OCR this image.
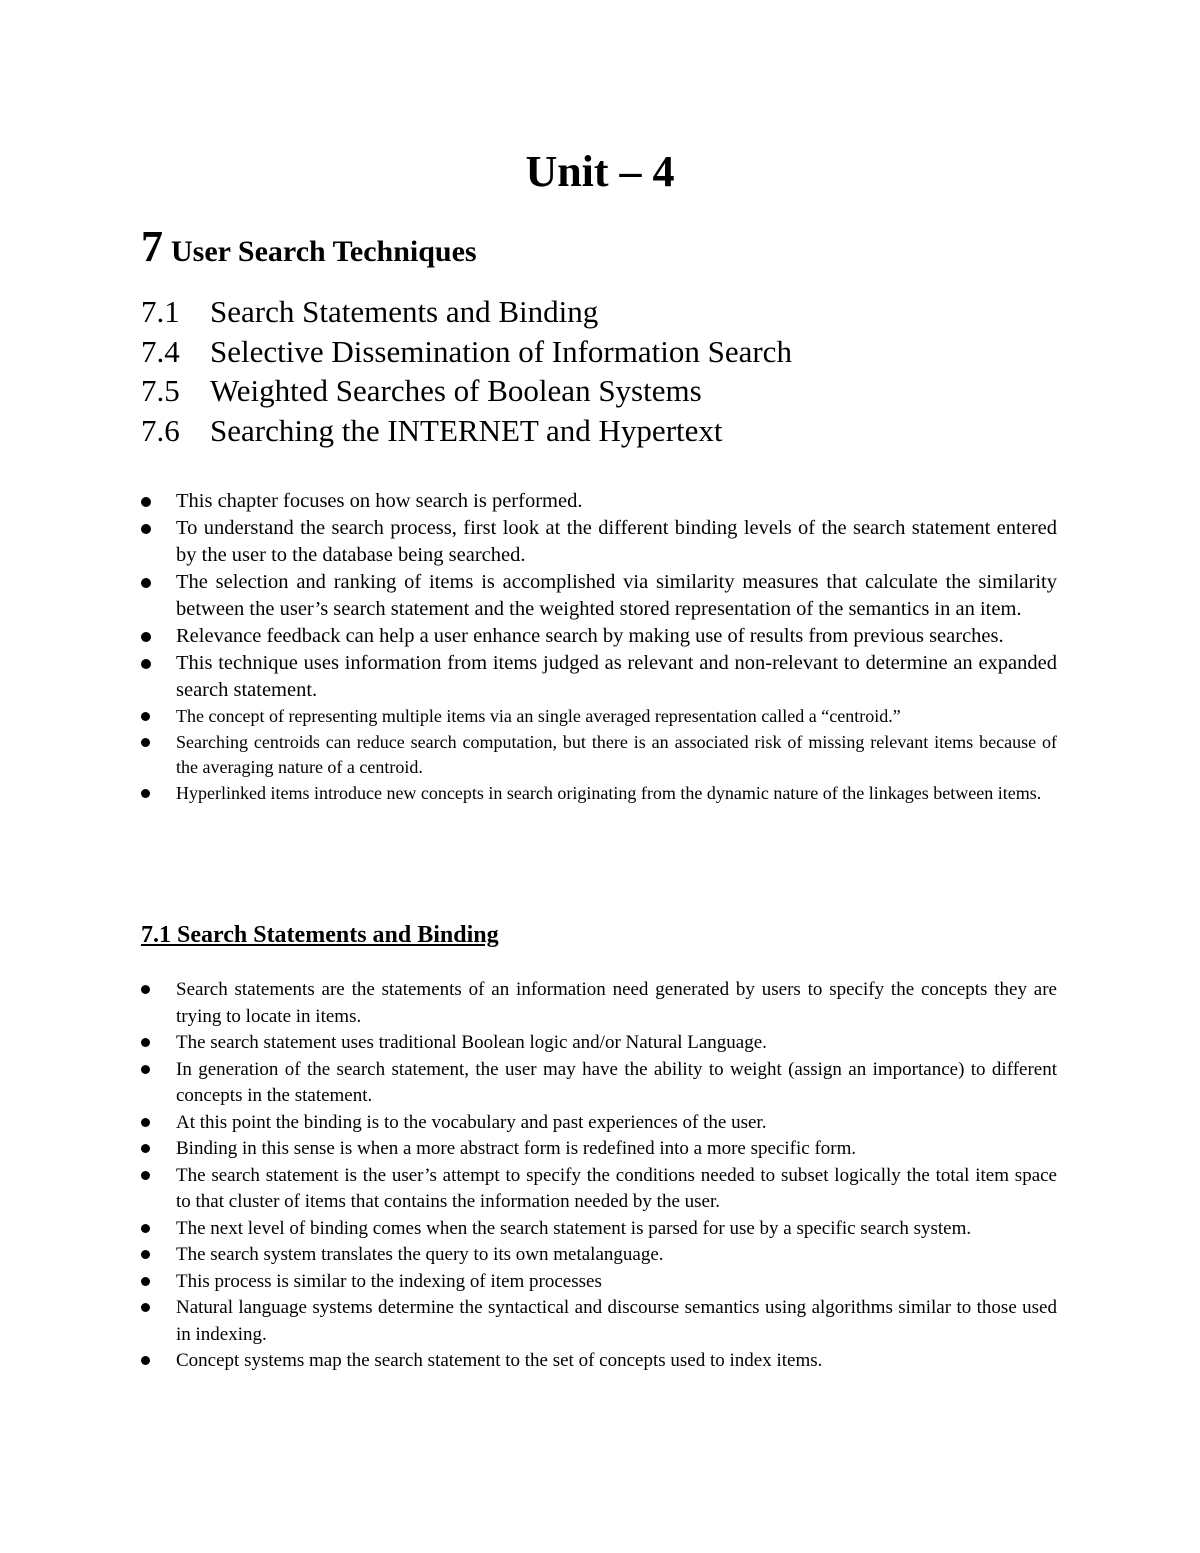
Unit – 4
7 User Search Techniques
7.1 Search Statements and Binding
7.4 Selective Dissemination of Information Search
7.5 Weighted Searches of Boolean Systems
7.6 Searching the INTERNET and Hypertext
This chapter focuses on how search is performed.
To understand the search process, first look at the different binding levels of the search statement entered by the user to the database being searched.
The selection and ranking of items is accomplished via similarity measures that calculate the similarity between the user’s search statement and the weighted stored representation of the semantics in an item.
Relevance feedback can help a user enhance search by making use of results from previous searches.
This technique uses information from items judged as relevant and non-relevant to determine an expanded search statement.
The concept of representing multiple items via an single averaged representation called a “centroid.”
Searching centroids can reduce search computation, but there is an associated risk of missing relevant items because of the averaging nature of a centroid.
Hyperlinked items introduce new concepts in search originating from the dynamic nature of the linkages between items.
7.1 Search Statements and Binding
Search statements are the statements of an information need generated by users to specify the concepts they are trying to locate in items.
The search statement uses traditional Boolean logic and/or Natural Language.
In generation of the search statement, the user may have the ability to weight (assign an importance) to different concepts in the statement.
At this point the binding is to the vocabulary and past experiences of the user.
Binding in this sense is when a more abstract form is redefined into a more specific form.
The search statement is the user’s attempt to specify the conditions needed to subset logically the total item space to that cluster of items that contains the information needed by the user.
The next level of binding comes when the search statement is parsed for use by a specific search system.
The search system translates the query to its own metalanguage.
This process is similar to the indexing of item processes
Natural language systems determine the syntactical and discourse semantics using algorithms similar to those used in indexing.
Concept systems map the search statement to the set of concepts used to index items.
